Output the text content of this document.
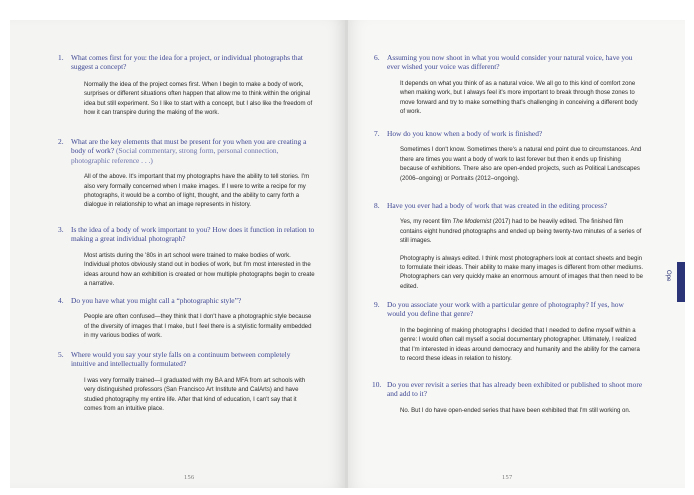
1.	What comes first for you: the idea for a project, or individual photographs that suggest a concept?

Normally the idea of the project comes first. When I begin to make a body of work, surprises or different situations often happen that allow me to think within the original idea but still experiment. So I like to start with a concept, but I also like the freedom of how it can transpire during the making of the work.

2.	What are the key elements that must be present for you when you are creating a body of work? (Social commentary, strong form, personal connection, photographic reference . . .)

All of the above. It's important that my photographs have the ability to tell stories. I'm also very formally concerned when I make images. If I were to write a recipe for my photographs, it would be a combo of light, thought, and the ability to carry forth a dialogue in relationship to what an image represents in history.

3.	Is the idea of a body of work important to you? How does it function in relation to making a great individual photograph?

Most artists during the '80s in art school were trained to make bodies of work. Individual photos obviously stand out in bodies of work, but I'm most interested in the ideas around how an exhibition is created or how multiple photographs begin to create a narrative.

4.	Do you have what you might call a “photographic style”?

People are often confused—they think that I don't have a photographic style because of the diversity of images that I make, but I feel there is a stylistic formality embedded in my various bodies of work.

5.	Where would you say your style falls on a continuum between completely intuitive and intellectually formulated?

I was very formally trained—I graduated with my BA and MFA from art schools with very distinguished professors (San Francisco Art Institute and CalArts) and have studied photography my entire life. After that kind of education, I can't say that it comes from an intuitive place.

156
6.	Assuming you now shoot in what you would consider your natural voice, have you ever wished your voice was different?

It depends on what you think of as a natural voice. We all go to this kind of comfort zone when making work, but I always feel it's more important to break through those zones to move forward and try to make something that's challenging in conceiving a different body of work.

7.	How do you know when a body of work is finished?

Sometimes I don't know. Sometimes there's a natural end point due to circumstances. And there are times you want a body of work to last forever but then it ends up finishing because of exhibitions. There also are open-ended projects, such as Political Landscapes (2006–ongoing) or Portraits (2012–ongoing).

8.	Have you ever had a body of work that was created in the editing process?

Yes, my recent film The Modernist (2017) had to be heavily edited. The finished film contains eight hundred photographs and ended up being twenty-two minutes of a series of still images.

Photography is always edited. I think most photographers look at contact sheets and begin to formulate their ideas. Their ability to make many images is different from other mediums. Photographers can very quickly make an enormous amount of images that then need to be edited.

9.	Do you associate your work with a particular genre of photography? If yes, how would you define that genre?

In the beginning of making photographs I decided that I needed to define myself within a genre: I would often call myself a social documentary photographer. Ultimately, I realized that I'm interested in ideas around democracy and humanity and the ability for the camera to record these ideas in relation to history.

10. Do you ever revisit a series that has already been exhibited or published to shoot more and add to it?

No. But I do have open-ended series that have been exhibited that I'm still working on.

157
Ope
